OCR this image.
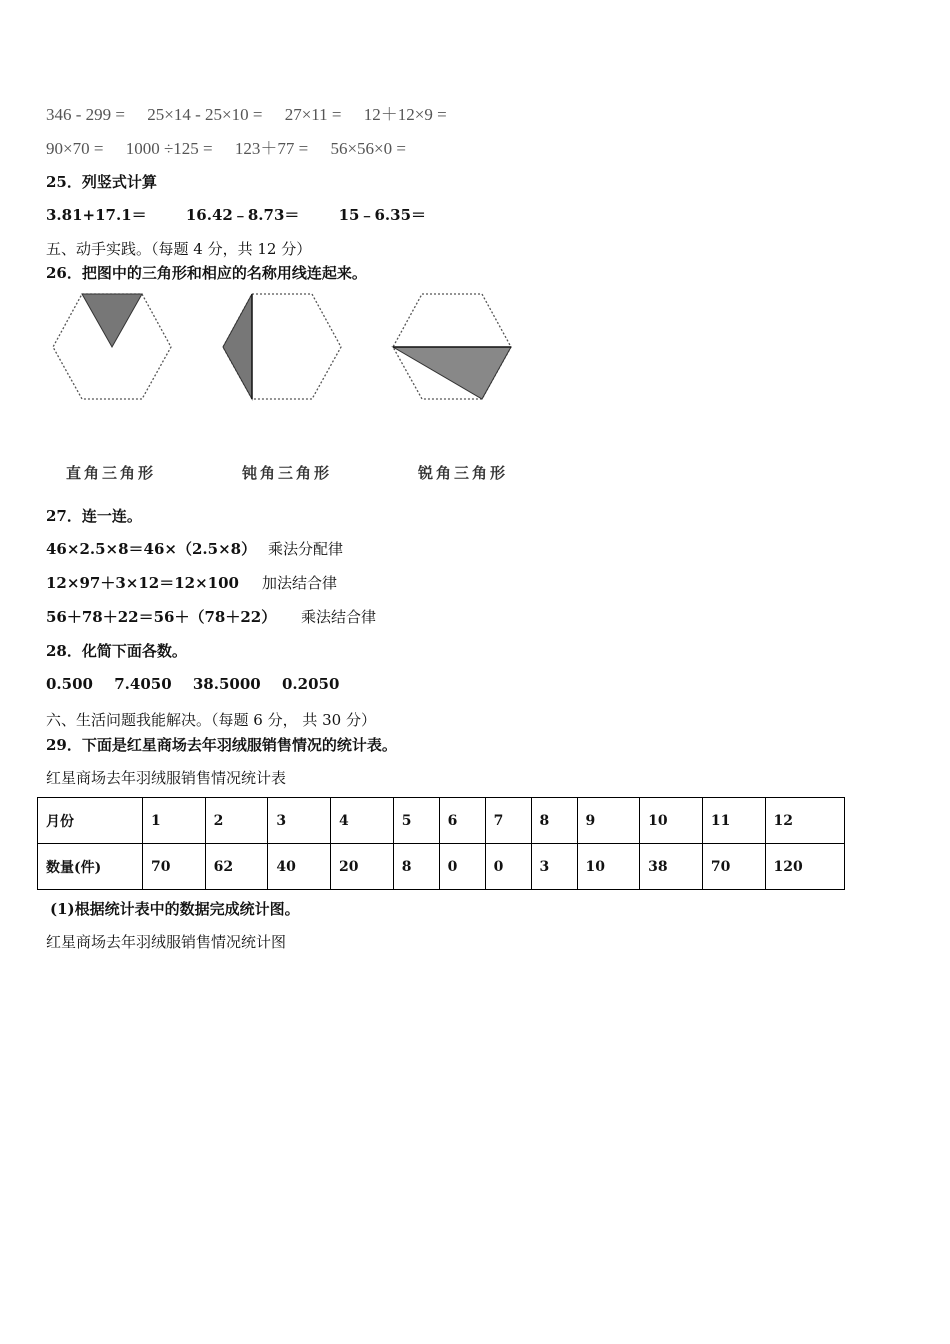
346 - 299 = 25×14 - 25×10 = 27×11 = 12＋12×9 =
90×70 = 1000 ÷125 = 123＋77 = 56×56×0 =
25．列竖式计算
3.81+17.1＝	16.42﹣8.73＝	15﹣6.35＝
五、动手实践。（每题 4 分，共 12 分）
26．把图中的三角形和相应的名称用线连起来。
直角三角形	钝角三角形	锐角三角形
27．连一连。
46×2.5×8＝46×（2.5×8） 乘法分配律
12×97＋3×12＝12×100 加法结合律
56＋78＋22＝56＋（78＋22） 乘法结合律
28．化简下面各数。
0.500 7.4050 38.5000 0.2050
六、生活问题我能解决。（每题 6 分， 共 30 分）
29．下面是红星商场去年羽绒服销售情况的统计表。
红星商场去年羽绒服销售情况统计表
月份	1	2	3	4	5	6	7	8	9	10	11	12
数量(件)	70	62	40	20	8	0	0	3	10	38	70	120
(1)根据统计表中的数据完成统计图。
红星商场去年羽绒服销售情况统计图
